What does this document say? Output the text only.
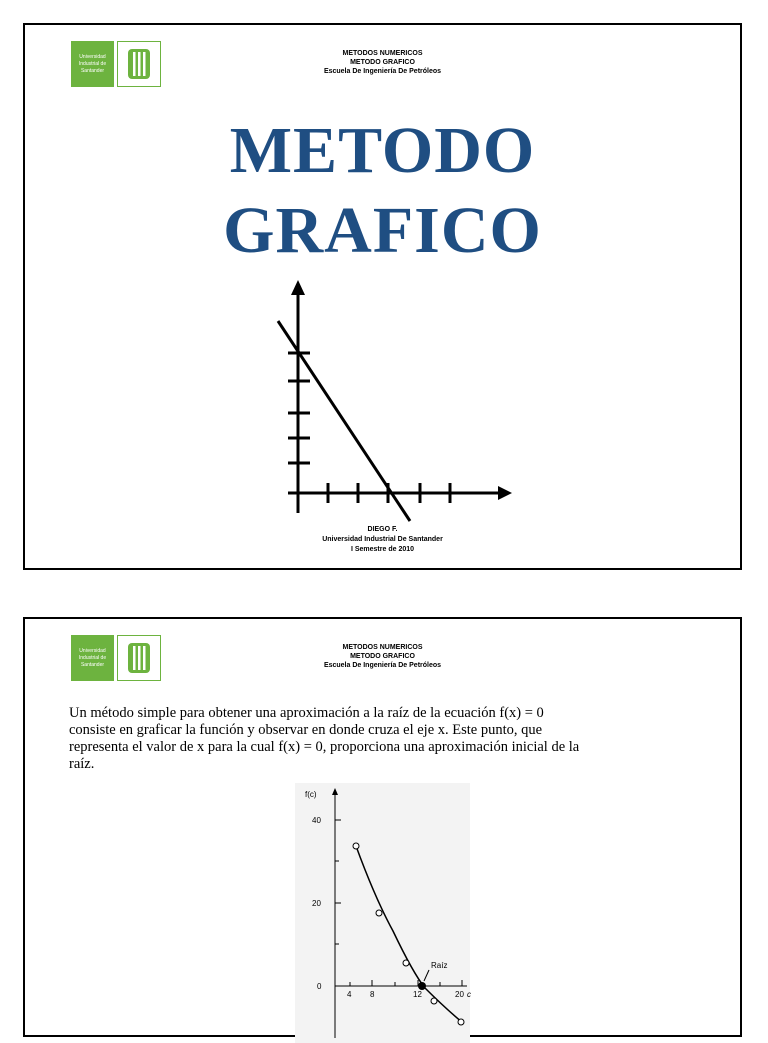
Universidad
Industrial de
Santander
METODOS NUMERICOS
METODO GRAFICO
Escuela De Ingeniería De Petróleos
METODO
GRAFICO
DIEGO F.
Universidad Industrial De Santander
I Semestre de 2010
Universidad
Industrial de
Santander
METODOS NUMERICOS
METODO GRAFICO
Escuela De Ingeniería De Petróleos
Un método simple para obtener una aproximación a la raíz de la ecuación f(x) = 0
consiste en graficar la función y observar en donde cruza el eje x. Este punto, que
representa el valor de x para la cual f(x) = 0, proporciona una aproximación inicial de la
raíz.
f(c)
40
20
0
4 8	12	20 c
Raíz
